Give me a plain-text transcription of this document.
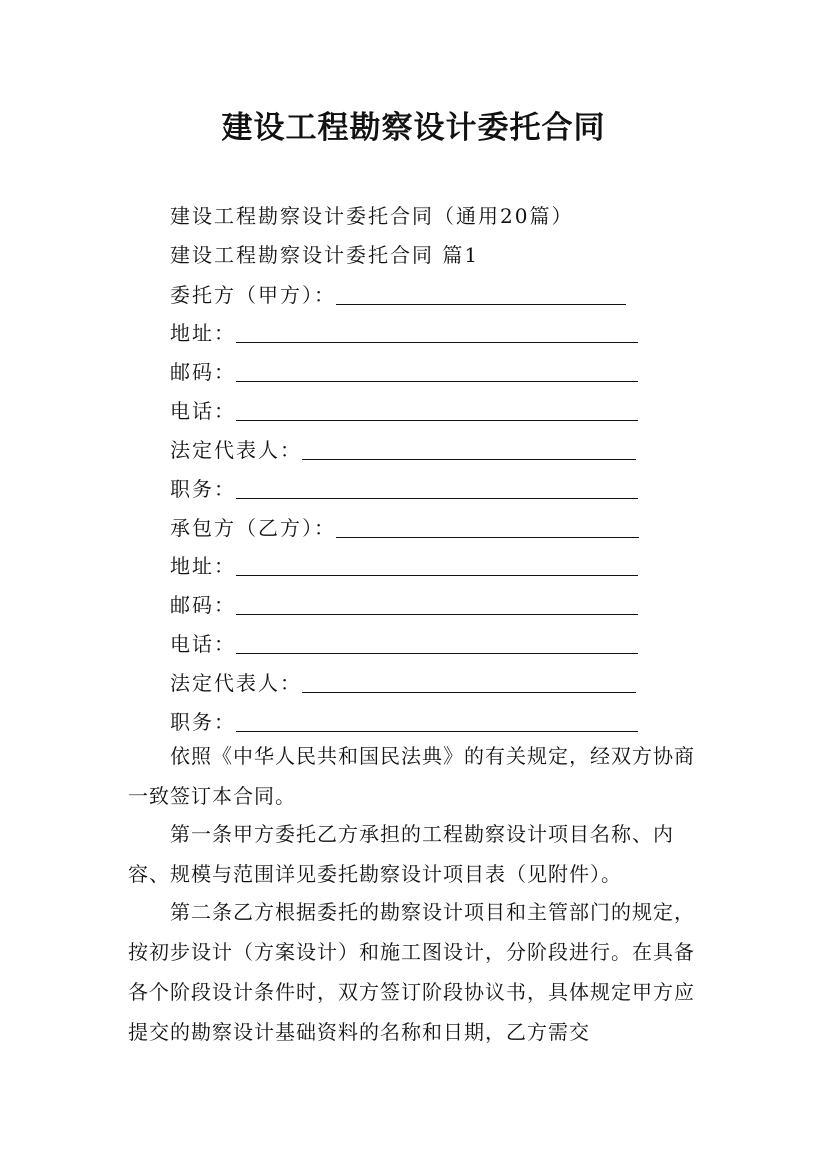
建设工程勘察设计委托合同
建设工程勘察设计委托合同（通用20篇）
建设工程勘察设计委托合同 篇1
委托方（甲方）：
地址：
邮码：
电话：
法定代表人：
职务：
承包方（乙方）：
地址：
邮码：
电话：
法定代表人：
职务：
依照《中华人民共和国民法典》的有关规定，经双方协商一致签订本合同。
第一条甲方委托乙方承担的工程勘察设计项目名称、内容、规模与范围详见委托勘察设计项目表（见附件）。
第二条乙方根据委托的勘察设计项目和主管部门的规定，按初步设计（方案设计）和施工图设计，分阶段进行。在具备各个阶段设计条件时，双方签订阶段协议书，具体规定甲方应提交的勘察设计基础资料的名称和日期，乙方需交
